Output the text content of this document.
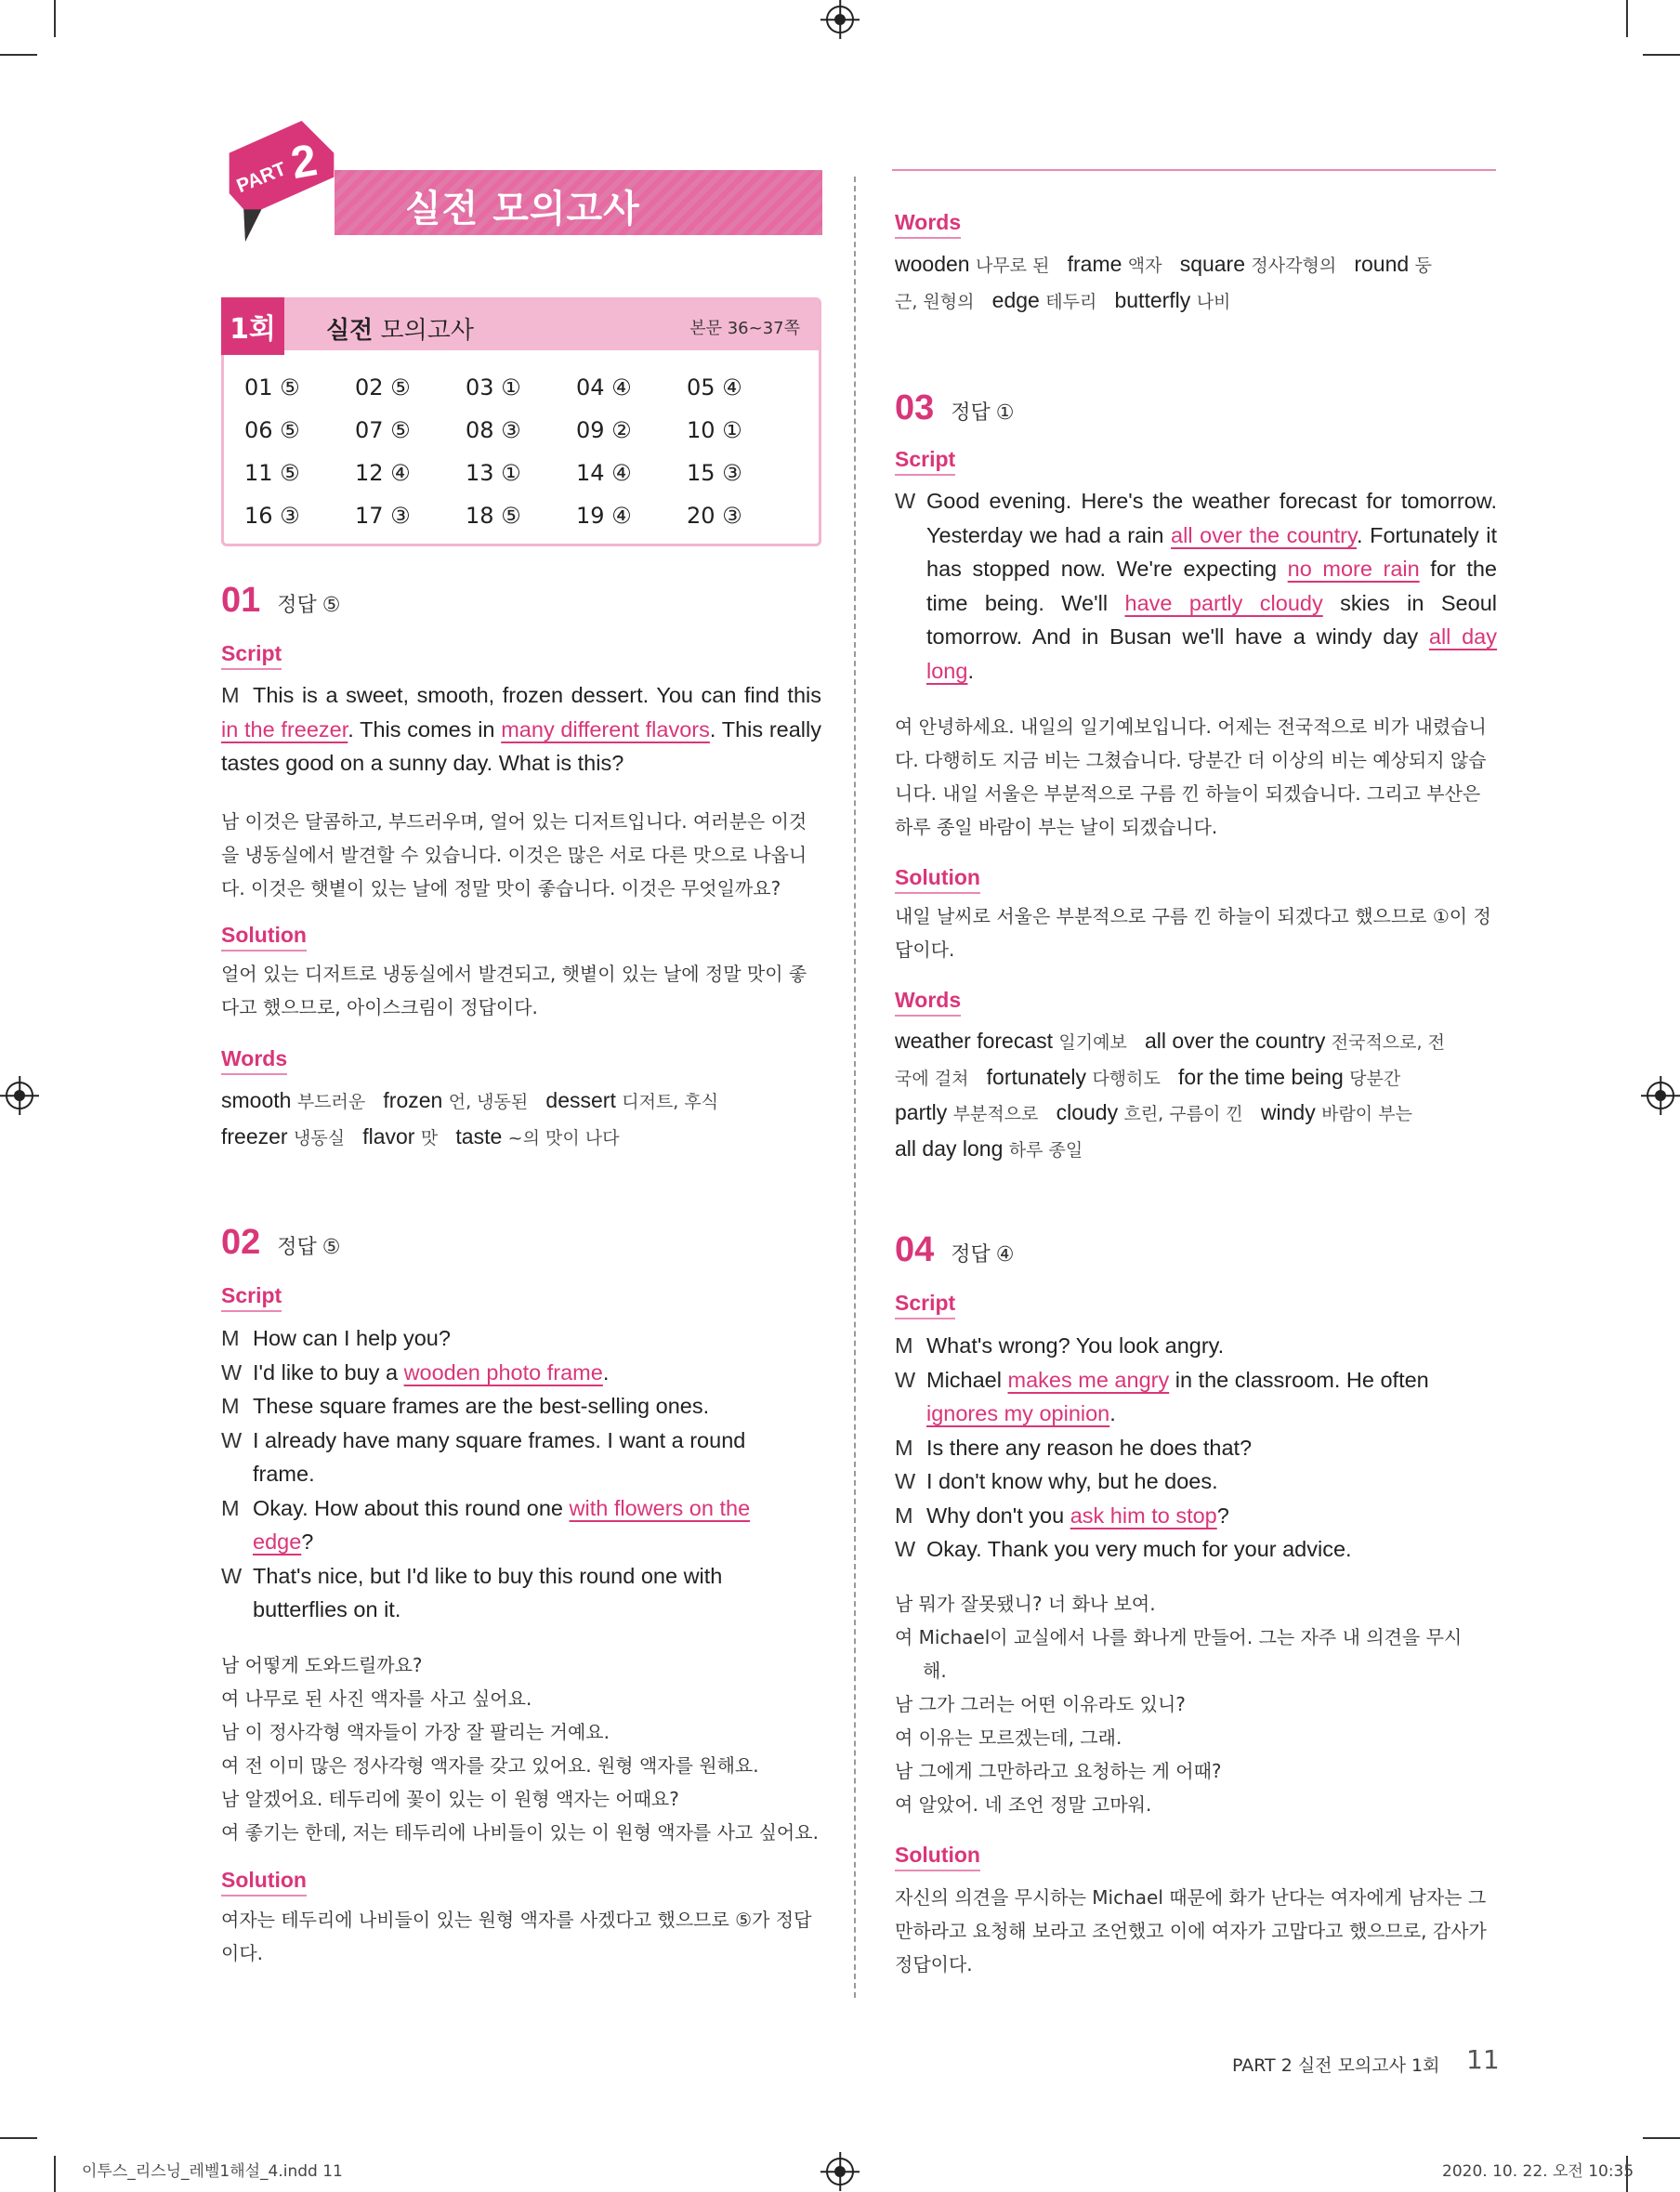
PART
2
실전 모의고사
1회	실전 모의고사	본문 36~37쪽
01 ⑤	02 ⑤	03 ①	04 ④	05 ④
06 ⑤	07 ⑤	08 ③	09 ②	10 ①
11 ⑤	12 ④	13 ①	14 ④	15 ③
16 ③	17 ③	18 ⑤	19 ④	20 ③
01 정답 ⑤
Script
M This is a sweet, smooth, frozen dessert. You can find this in the freezer. This comes in many different flavors. This really tastes good on a sunny day. What is this?
남 이것은 달콤하고, 부드러우며, 얼어 있는 디저트입니다. 여러분은 이것을 냉동실에서 발견할 수 있습니다. 이것은 많은 서로 다른 맛으로 나옵니다. 이것은 햇볕이 있는 날에 정말 맛이 좋습니다. 이것은 무엇일까요?
Solution
얼어 있는 디저트로 냉동실에서 발견되고, 햇볕이 있는 날에 정말 맛이 좋다고 했으므로, 아이스크림이 정답이다.
Words
smooth 부드러운 frozen 언, 냉동된 dessert 디저트, 후식
freezer 냉동실 flavor 맛 taste ~의 맛이 나다
02 정답 ⑤
Script
M How can I help you?
W I'd like to buy a wooden photo frame.
M These square frames are the best-selling ones.
W I already have many square frames. I want a round
frame.
M Okay. How about this round one with flowers on the
edge?
W That's nice, but I'd like to buy this round one with
butterflies on it.
남 어떻게 도와드릴까요?
여 나무로 된 사진 액자를 사고 싶어요.
남 이 정사각형 액자들이 가장 잘 팔리는 거예요.
여 전 이미 많은 정사각형 액자를 갖고 있어요. 원형 액자를 원해요.
남 알겠어요. 테두리에 꽃이 있는 이 원형 액자는 어때요?
여 좋기는 한데, 저는 테두리에 나비들이 있는 이 원형 액자를 사고 싶어요.
Solution
여자는 테두리에 나비들이 있는 원형 액자를 사겠다고 했으므로 ⑤가 정답이다.
Words
wooden 나무로 된 frame 액자 square 정사각형의 round 둥
근, 원형의 edge 테두리 butterfly 나비
03 정답 ①
Script
W Good evening. Here's the weather forecast for tomorrow. Yesterday we had a rain all over the country. Fortunately it has stopped now. We're expecting no more rain for the time being. We'll have partly cloudy skies in Seoul tomorrow. And in Busan we'll have a windy day all day long.
여 안녕하세요. 내일의 일기예보입니다. 어제는 전국적으로 비가 내렸습니다. 다행히도 지금 비는 그쳤습니다. 당분간 더 이상의 비는 예상되지 않습니다. 내일 서울은 부분적으로 구름 낀 하늘이 되겠습니다. 그리고 부산은 하루 종일 바람이 부는 날이 되겠습니다.
Solution
내일 날씨로 서울은 부분적으로 구름 낀 하늘이 되겠다고 했으므로 ①이 정답이다.
Words
weather forecast 일기예보 all over the country 전국적으로, 전
국에 걸쳐 fortunately 다행히도 for the time being 당분간
partly 부분적으로 cloudy 흐린, 구름이 낀 windy 바람이 부는
all day long 하루 종일
04 정답 ④
Script
M What's wrong? You look angry.
W Michael makes me angry in the classroom. He often
ignores my opinion.
M Is there any reason he does that?
W I don't know why, but he does.
M Why don't you ask him to stop?
W Okay. Thank you very much for your advice.
남 뭐가 잘못됐니? 너 화나 보여.
여 Michael이 교실에서 나를 화나게 만들어. 그는 자주 내 의견을 무시
해.
남 그가 그러는 어떤 이유라도 있니?
여 이유는 모르겠는데, 그래.
남 그에게 그만하라고 요청하는 게 어때?
여 알았어. 네 조언 정말 고마워.
Solution
자신의 의견을 무시하는 Michael 때문에 화가 난다는 여자에게 남자는 그만하라고 요청해 보라고 조언했고 이에 여자가 고맙다고 했으므로, 감사가 정답이다.
PART 2 실전 모의고사 1회 11
이투스_리스닝_레벨1해설_4.indd 11	2020. 10. 22. 오전 10:35
